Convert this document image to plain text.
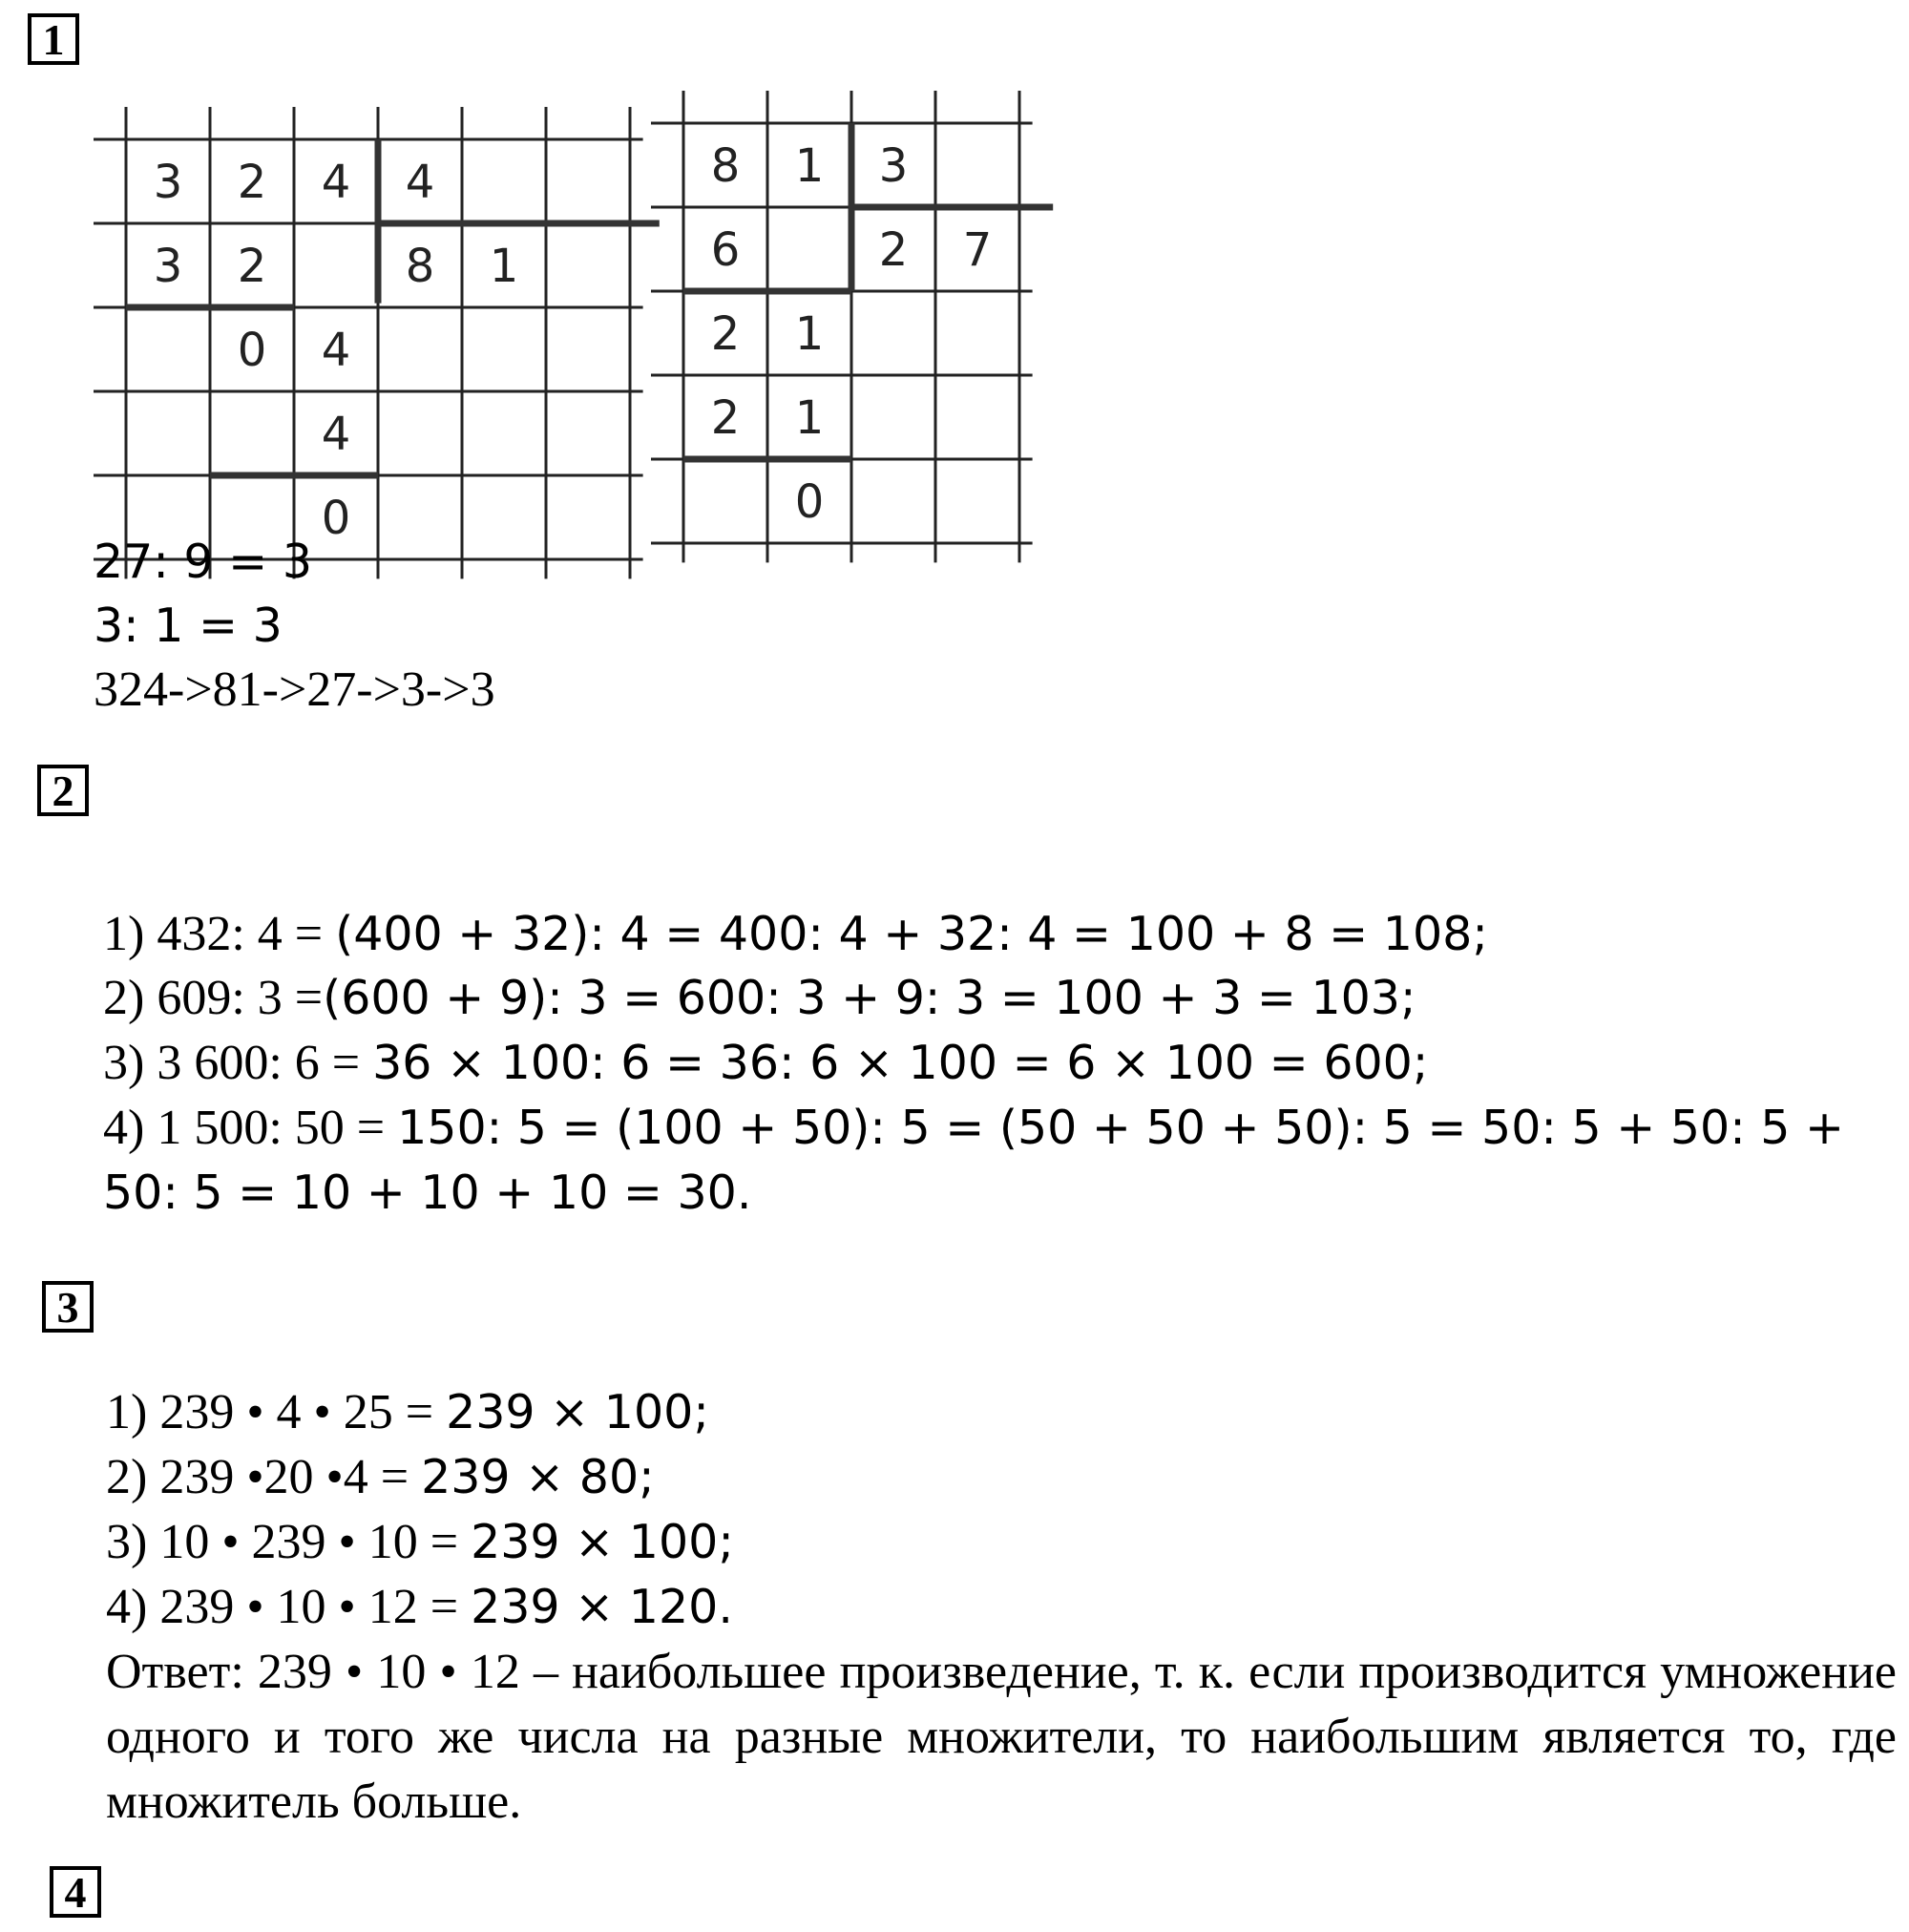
1
3 2 4 4
3 2	8 1
0 4
4
0
8 1 3
6	2 7
2 1
2 1
0
27: 9 = 3
3: 1 = 3
324->81->27->3->3
2
1) 432: 4 = (400 + 32): 4 = 400: 4 + 32: 4 = 100 + 8 = 108;
2) 609: 3 =(600 + 9): 3 = 600: 3 + 9: 3 = 100 + 3 = 103;
3) 3 600: 6 = 36 × 100: 6 = 36: 6 × 100 = 6 × 100 = 600;
4) 1 500: 50 = 150: 5 = (100 + 50): 5 = (50 + 50 + 50): 5 = 50: 5 + 50: 5 +
50: 5 = 10 + 10 + 10 = 30.
3
1) 239 • 4 • 25 = 239 × 100;
2) 239 •20 •4 = 239 × 80;
3) 10 • 239 • 10 = 239 × 100;
4) 239 • 10 • 12 = 239 × 120.

Ответ: 239 • 10 • 12 – наибольшее произведение, т. к. если производится умножение одного и того же числа на разные множители, то наибольшим является то, где множитель больше.

4
